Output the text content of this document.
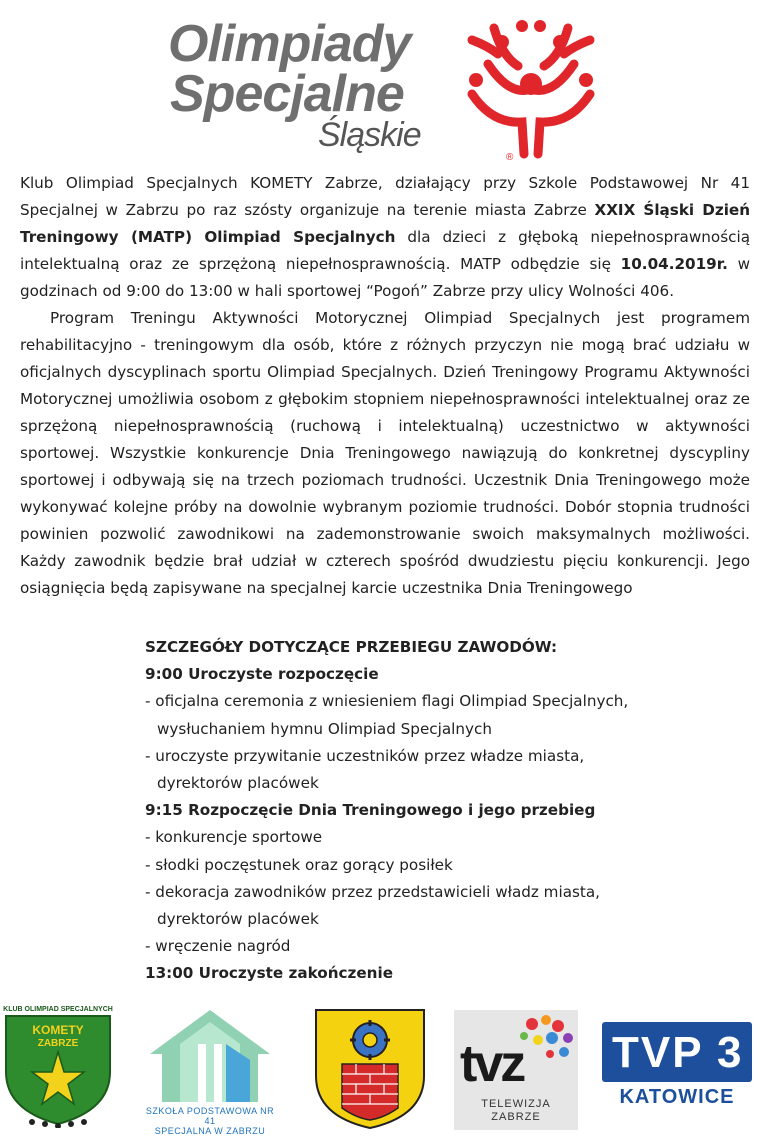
Olimpiady
Specjalne
Śląskie
®

Klub Olimpiad Specjalnych KOMETY Zabrze, działający przy Szkole Podstawowej Nr 41 Specjalnej w Zabrzu po raz szósty organizuje na terenie miasta Zabrze XXIX Śląski Dzień Treningowy (MATP) Olimpiad Specjalnych dla dzieci z głęboką niepełnosprawnością intelektualną oraz ze sprzężoną niepełnosprawnością. MATP odbędzie się 10.04.2019r. w godzinach od 9:00 do 13:00 w hali sportowej “Pogoń” Zabrze przy ulicy Wolności 406.

Program Treningu Aktywności Motorycznej Olimpiad Specjalnych jest programem rehabilitacyjno - treningowym dla osób, które z różnych przyczyn nie mogą brać udziału w oficjalnych dyscyplinach sportu Olimpiad Specjalnych. Dzień Treningowy Programu Aktywności Motorycznej umożliwia osobom z głębokim stopniem niepełnosprawności intelektualnej oraz ze sprzężoną niepełnosprawnością (ruchową i intelektualną) uczestnictwo w aktywności sportowej. Wszystkie konkurencje Dnia Treningowego nawiązują do konkretnej dyscypliny sportowej i odbywają się na trzech poziomach trudności. Uczestnik Dnia Treningowego może wykonywać kolejne próby na dowolnie wybranym poziomie trudności. Dobór stopnia trudności powinien pozwolić zawodnikowi na zademonstrowanie swoich maksymalnych możliwości. Każdy zawodnik będzie brał udział w czterech spośród dwudziestu pięciu konkurencji. Jego osiągnięcia będą zapisywane na specjalnej karcie uczestnika Dnia Treningowego

SZCZEGÓŁY DOTYCZĄCE PRZEBIEGU ZAWODÓW:
9:00 Uroczyste rozpoczęcie
- oficjalna ceremonia z wniesieniem flagi Olimpiad Specjalnych,
wysłuchaniem hymnu Olimpiad Specjalnych
- uroczyste przywitanie uczestników przez władze miasta,
dyrektorów placówek
9:15 Rozpoczęcie Dnia Treningowego i jego przebieg
- konkurencje sportowe
- słodki poczęstunek oraz gorący posiłek
- dekoracja zawodników przez przedstawicieli władz miasta,
dyrektorów placówek
- wręczenie nagród
13:00 Uroczyste zakończenie
KLUB OLIMPIAD SPECJALNYCH
KOMETY
ZABRZE
SZKOŁA PODSTAWOWA NR 41
SPECJALNA W ZABRZU
tvz
TELEWIZJA
ZABRZE
TVP 3
KATOWICE
